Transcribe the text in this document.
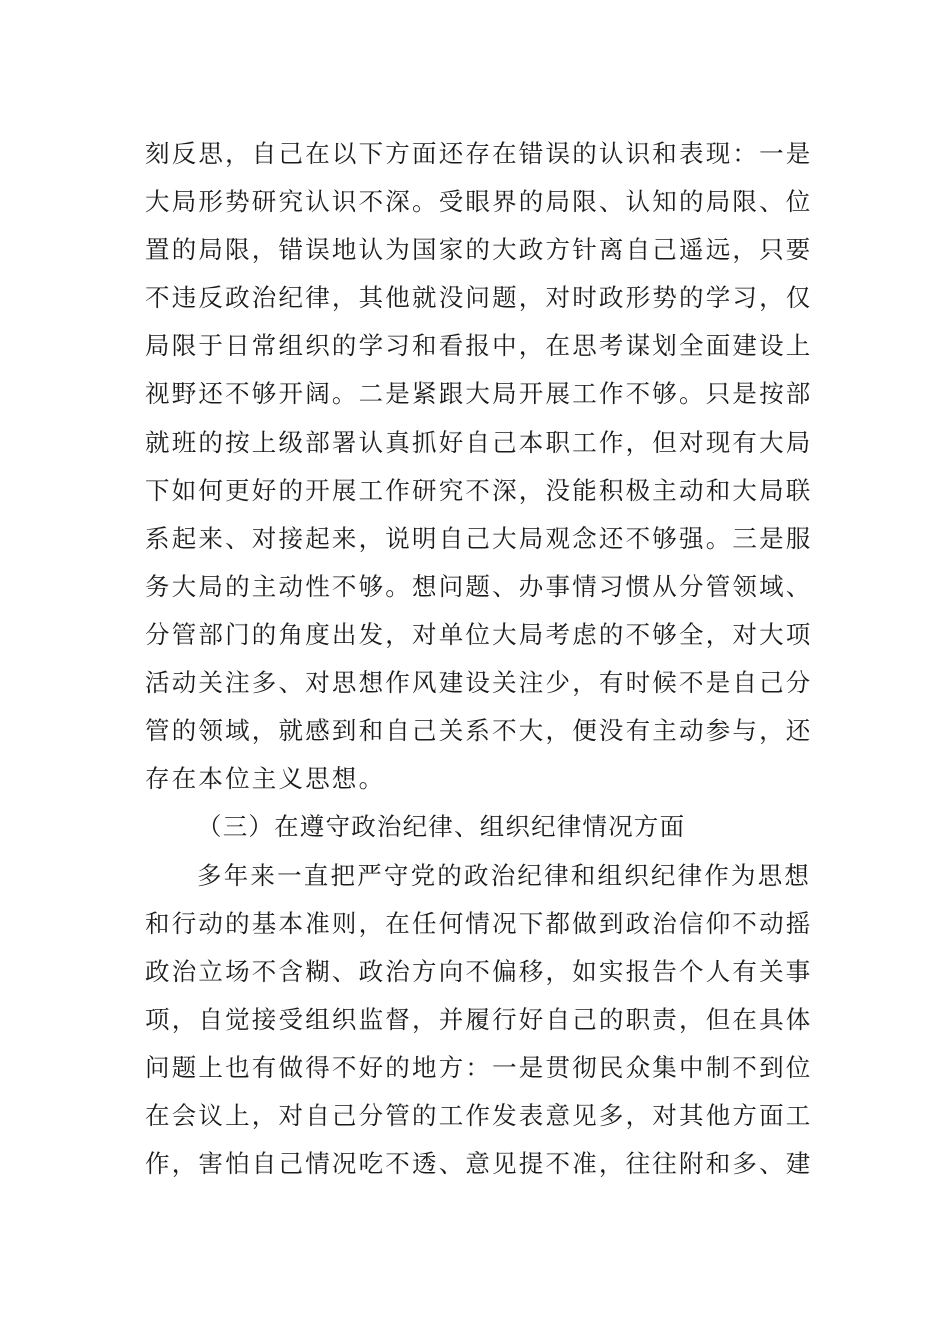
刻反思，自己在以下方面还存在错误的认识和表现：一是
大局形势研究认识不深。受眼界的局限、认知的局限、位
置的局限，错误地认为国家的大政方针离自己遥远，只要
不违反政治纪律，其他就没问题，对时政形势的学习，仅
局限于日常组织的学习和看报中，在思考谋划全面建设上
视野还不够开阔。二是紧跟大局开展工作不够。只是按部
就班的按上级部署认真抓好自己本职工作，但对现有大局
下如何更好的开展工作研究不深，没能积极主动和大局联
系起来、对接起来，说明自己大局观念还不够强。三是服
务大局的主动性不够。想问题、办事情习惯从分管领域、
分管部门的角度出发，对单位大局考虑的不够全，对大项
活动关注多、对思想作风建设关注少，有时候不是自己分
管的领域，就感到和自己关系不大，便没有主动参与，还
存在本位主义思想。
（三）在遵守政治纪律、组织纪律情况方面
多年来一直把严守党的政治纪律和组织纪律作为思想
和行动的基本准则，在任何情况下都做到政治信仰不动摇
政治立场不含糊、政治方向不偏移，如实报告个人有关事
项，自觉接受组织监督，并履行好自己的职责，但在具体
问题上也有做得不好的地方：一是贯彻民众集中制不到位
在会议上，对自己分管的工作发表意见多，对其他方面工
作，害怕自己情况吃不透、意见提不准，往往附和多、建
